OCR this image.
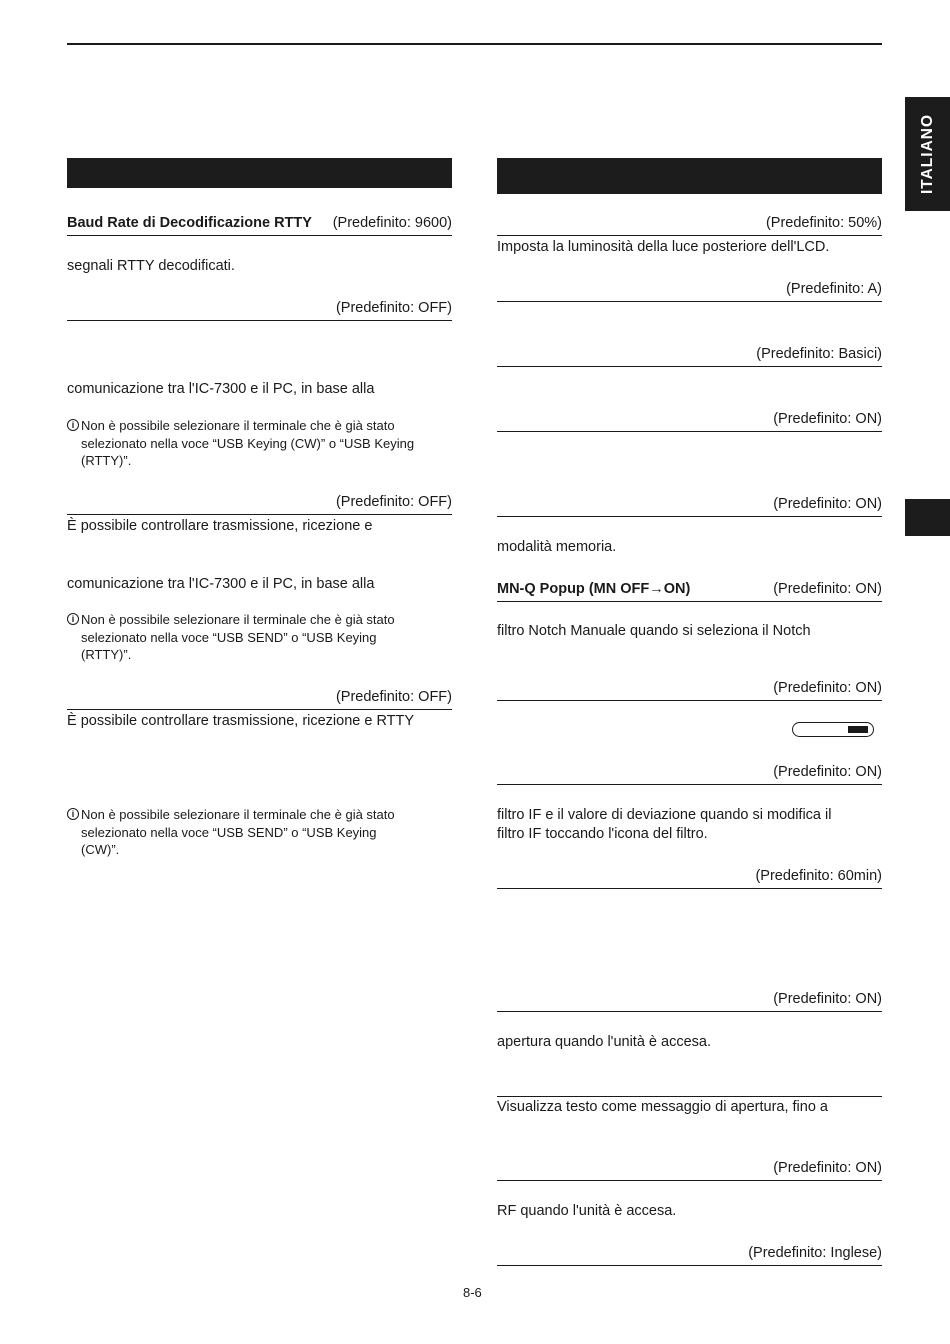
ITALIANO
Baud Rate di Decodificazione RTTY (Predefinito: 9600)
segnali RTTY decodificati.
(Predefinito: OFF)
comunicazione tra l'IC-7300 e il PC, in base alla
i Non è possibile selezionare il terminale che è già stato
selezionato nella voce “USB Keying (CW)” o “USB Keying
(RTTY)”.
(Predefinito: OFF)
È possibile controllare trasmissione, ricezione e
comunicazione tra l'IC-7300 e il PC, in base alla
i Non è possibile selezionare il terminale che è già stato
selezionato nella voce “USB SEND” o “USB Keying
(RTTY)”.
(Predefinito: OFF)
È possibile controllare trasmissione, ricezione e RTTY
i Non è possibile selezionare il terminale che è già stato
selezionato nella voce “USB SEND” o “USB Keying
(CW)”.
(Predefinito: 50%)
Imposta la luminosità della luce posteriore dell'LCD.
(Predefinito: A)
(Predefinito: Basici)
(Predefinito: ON)
(Predefinito: ON)
modalità memoria.
MN-Q Popup (MN OFF→ON)	(Predefinito: ON)
filtro Notch Manuale quando si seleziona il Notch
(Predefinito: ON)
(Predefinito: ON)
filtro IF e il valore di deviazione quando si modifica il
filtro IF toccando l'icona del filtro.
(Predefinito: 60min)
(Predefinito: ON)
apertura quando l'unità è accesa.
Visualizza testo come messaggio di apertura, fino a
(Predefinito: ON)
RF quando l'unità è accesa.
(Predefinito: Inglese)
8-6
